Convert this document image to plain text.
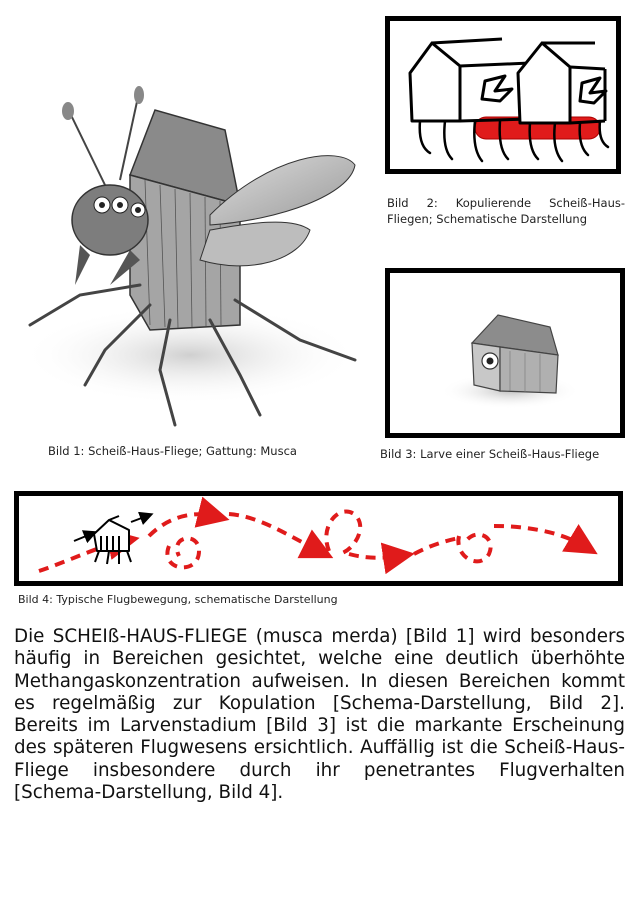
Bild 1: Scheiß-Haus-Fliege; Gattung: Musca
Bild 2: Kopulierende Scheiß-Haus-Fliegen; Schematische Darstellung
Bild 3: Larve einer Scheiß-Haus-Fliege
Bild 4: Typische Flugbewegung, schematische Darstellung

Die SCHEIß-HAUS-FLIEGE (musca merda) [Bild 1] wird besonders häufig in Bereichen gesichtet, welche eine deutlich überhöhte Methangaskonzentration aufweisen. In diesen Bereichen kommt es regelmäßig zur Kopulation [Schema-Darstellung, Bild 2]. Bereits im Larvenstadium [Bild 3] ist die markante Erscheinung des späteren Flugwesens ersichtlich. Auffällig ist die Scheiß-Haus-Fliege insbesondere durch ihr penetrantes Flugverhalten [Schema-Darstellung, Bild 4].
